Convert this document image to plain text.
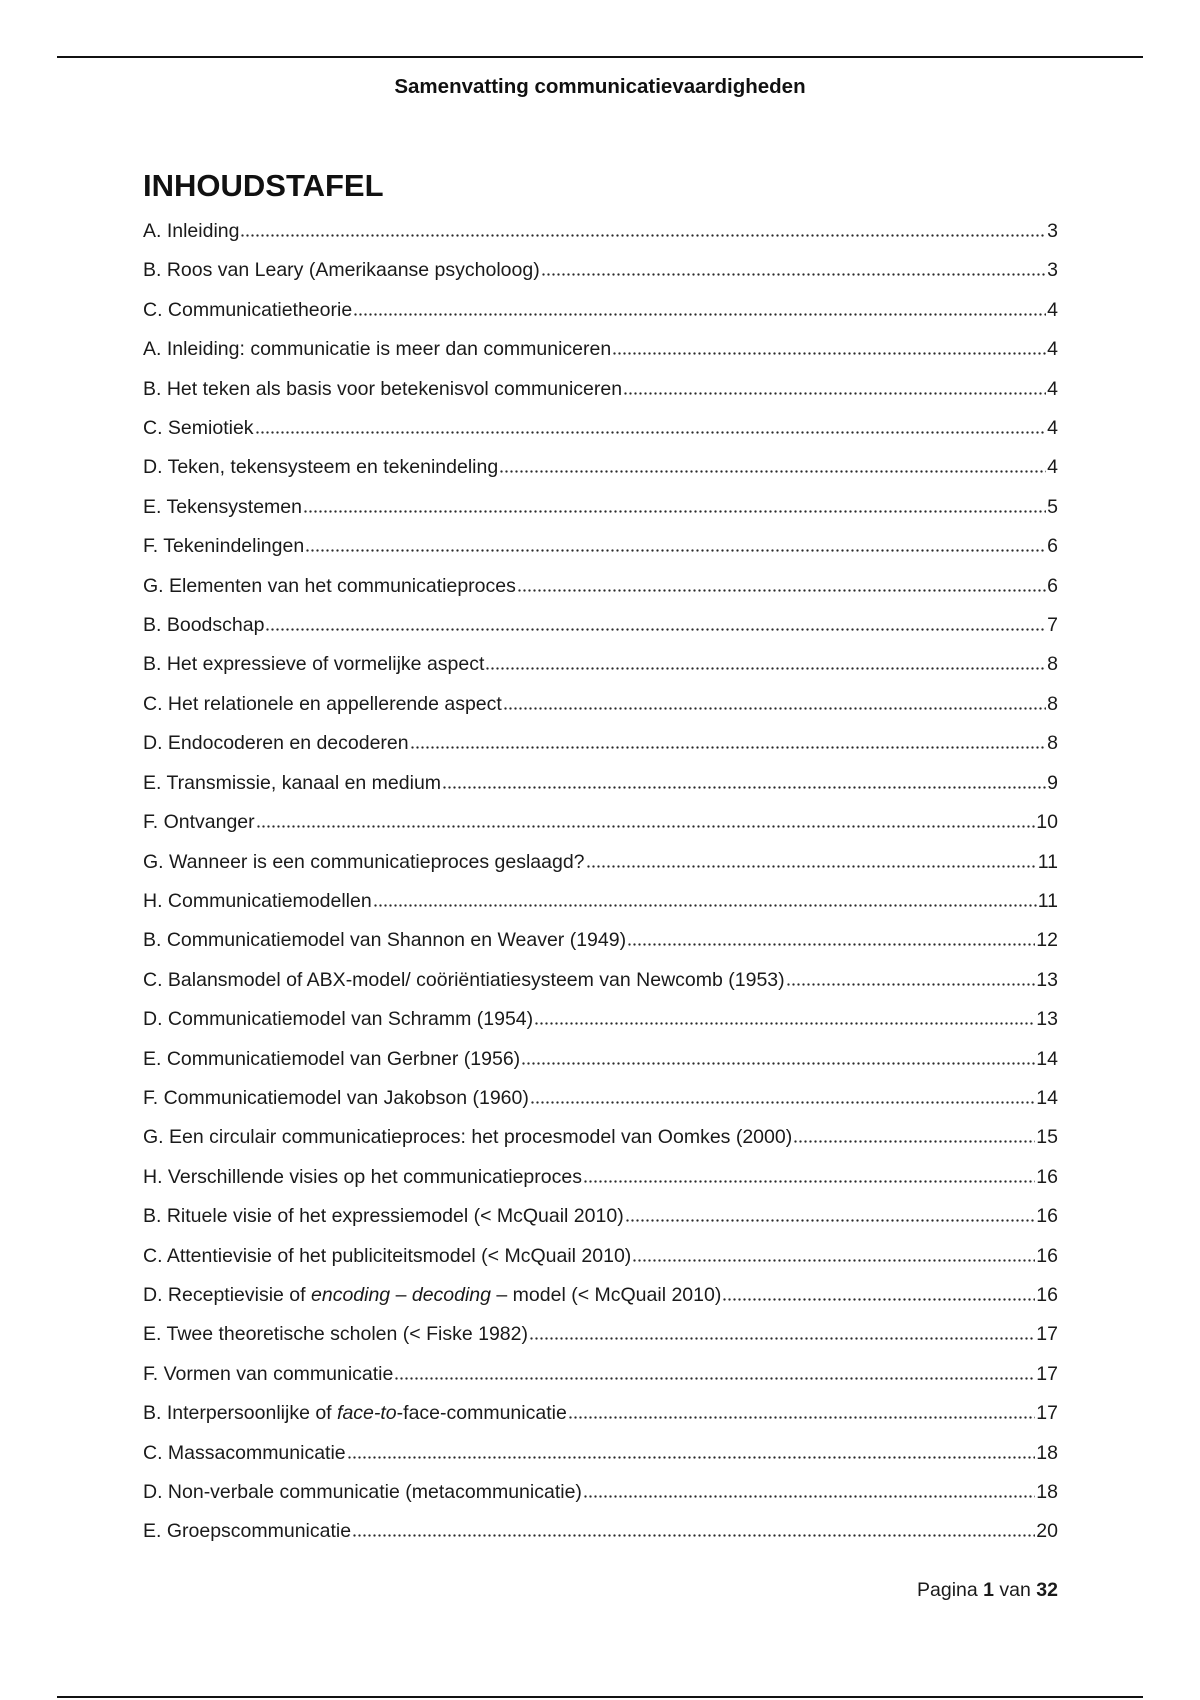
Samenvatting communicatievaardigheden
INHOUDSTAFEL
A. Inleiding	3
B. Roos van Leary (Amerikaanse psycholoog)	3
C. Communicatietheorie	4
A. Inleiding: communicatie is meer dan communiceren	4
B. Het teken als basis voor betekenisvol communiceren	4
C. Semiotiek	4
D. Teken, tekensysteem en tekenindeling	4
E. Tekensystemen	5
F. Tekenindelingen	6
G. Elementen van het communicatieproces	6
B. Boodschap	7
B. Het expressieve of vormelijke aspect	8
C. Het relationele en appellerende aspect	8
D. Endocoderen en decoderen	8
E. Transmissie, kanaal en medium	9
F. Ontvanger	10
G. Wanneer is een communicatieproces geslaagd?	11
H. Communicatiemodellen	11
B. Communicatiemodel van Shannon en Weaver (1949)	12
C. Balansmodel of ABX-model/ coöriëntiatiesysteem van Newcomb (1953)	13
D. Communicatiemodel van Schramm (1954)	13
E. Communicatiemodel van Gerbner (1956)	14
F. Communicatiemodel van Jakobson (1960)	14
G. Een circulair communicatieproces: het procesmodel van Oomkes (2000)	15
H. Verschillende visies op het communicatieproces	16
B. Rituele visie of het expressiemodel (< McQuail 2010)	16
C. Attentievisie of het publiciteitsmodel (< McQuail 2010)	16
D. Receptievisie of encoding – decoding – model (< McQuail 2010)	16
E. Twee theoretische scholen (< Fiske 1982)	17
F. Vormen van communicatie	17
B. Interpersoonlijke of face-to-face-communicatie	17
C. Massacommunicatie	18
D. Non-verbale communicatie (metacommunicatie)	18
E. Groepscommunicatie	20
Pagina 1 van 32
